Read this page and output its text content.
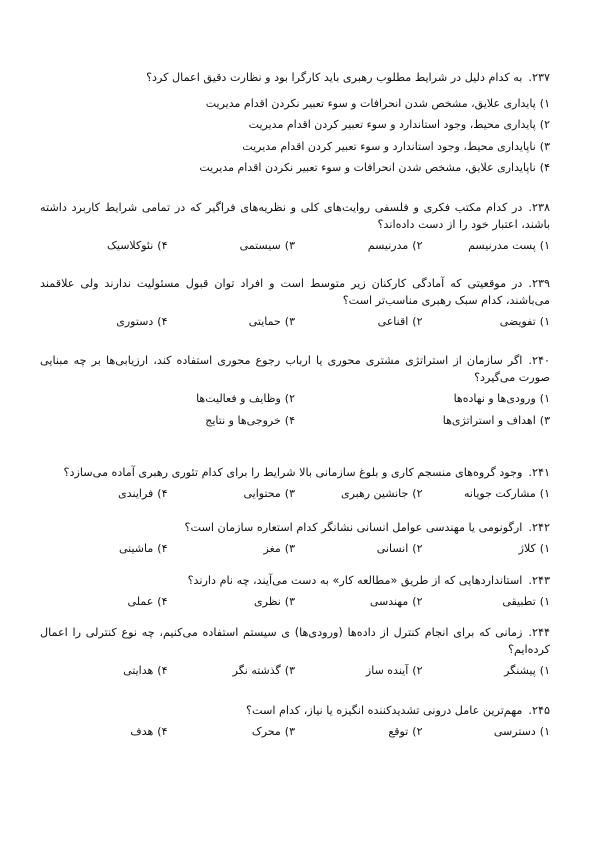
۲۳۷.به کدام دلیل در شرایط مطلوب رهبری باید کارگرا بود و نظارت دقیق اعمال کرد؟
۱)پایداری علایق، مشخص شدن انحرافات و سوء تعبیر نکردن اقدام مدیریت
۲)پایداری محیط، وجود استاندارد و سوء تعبیر کردن اقدام مدیریت
۳)ناپایداری محیط، وجود استاندارد و سوء تعبیر کردن اقدام مدیریت
۴)ناپایداری علایق، مشخص شدن انحرافات و سوء تعبیر نکردن اقدام مدیریت
۲۳۸.در کدام مکتب فکری و فلسفی روایت‌های کلی و نظریه‌های فراگیر که در تمامی شرایط کاربرد داشته باشند، اعتبار خود را از دست داده‌اند؟
۱)پست مدرنیسم
۲)مدرنیسم
۳)سیستمی
۴)نئوکلاسیک
۲۳۹.در موقعیتی که آمادگی کارکنان زیر متوسط است و افراد توان قبول مسئولیت ندارند ولی علاقمند می‌باشند، کدام سبک رهبری مناسب‌تر است؟
۱)تفویضی
۲)اقناعی
۳)حمایتی
۴)دستوری
۲۴۰.اگر سازمان از استراتژی مشتری محوری یا ارباب رجوع محوری استفاده کند، ارزیابی‌ها بر چه مبنایی صورت می‌گیرد؟
۱)ورودی‌ها و نهاده‌ها
۲)وظایف و فعالیت‌ها
۳)اهداف و استراتژی‌ها
۴)خروجی‌ها و نتایج
۲۴۱.وجود گروه‌های منسجم کاری و بلوغ سازمانی بالا شرایط را برای کدام تئوری رهبری آماده می‌سازد؟
۱)مشارکت جویانه
۲)جانشین رهبری
۳)محتوایی
۴)فرایندی
۲۴۲.ارگونومی یا مهندسی عوامل انسانی نشانگر کدام استعاره سازمان است؟
۱)کلاژ
۲)انسانی
۳)مغز
۴)ماشینی
۲۴۳.استانداردهایی که از طریق «مطالعه کار» به دست می‌آیند، چه نام دارند؟
۱)تطبیقی
۲)مهندسی
۳)نظری
۴)عملی
۲۴۴.زمانی که برای انجام کنترل از داده‌ها (ورودی‌ها) ی سیستم استفاده می‌کنیم، چه نوع کنترلی را اعمال کرده‌ایم؟
۱)پیشنگر
۲)آینده ساز
۳)گذشته نگر
۴)هدایتی
۲۴۵.مهم‌ترین عامل درونی تشدیدکننده انگیزه یا نیاز، کدام است؟
۱)دسترسی
۲)توقع
۳)محرک
۴)هدف
